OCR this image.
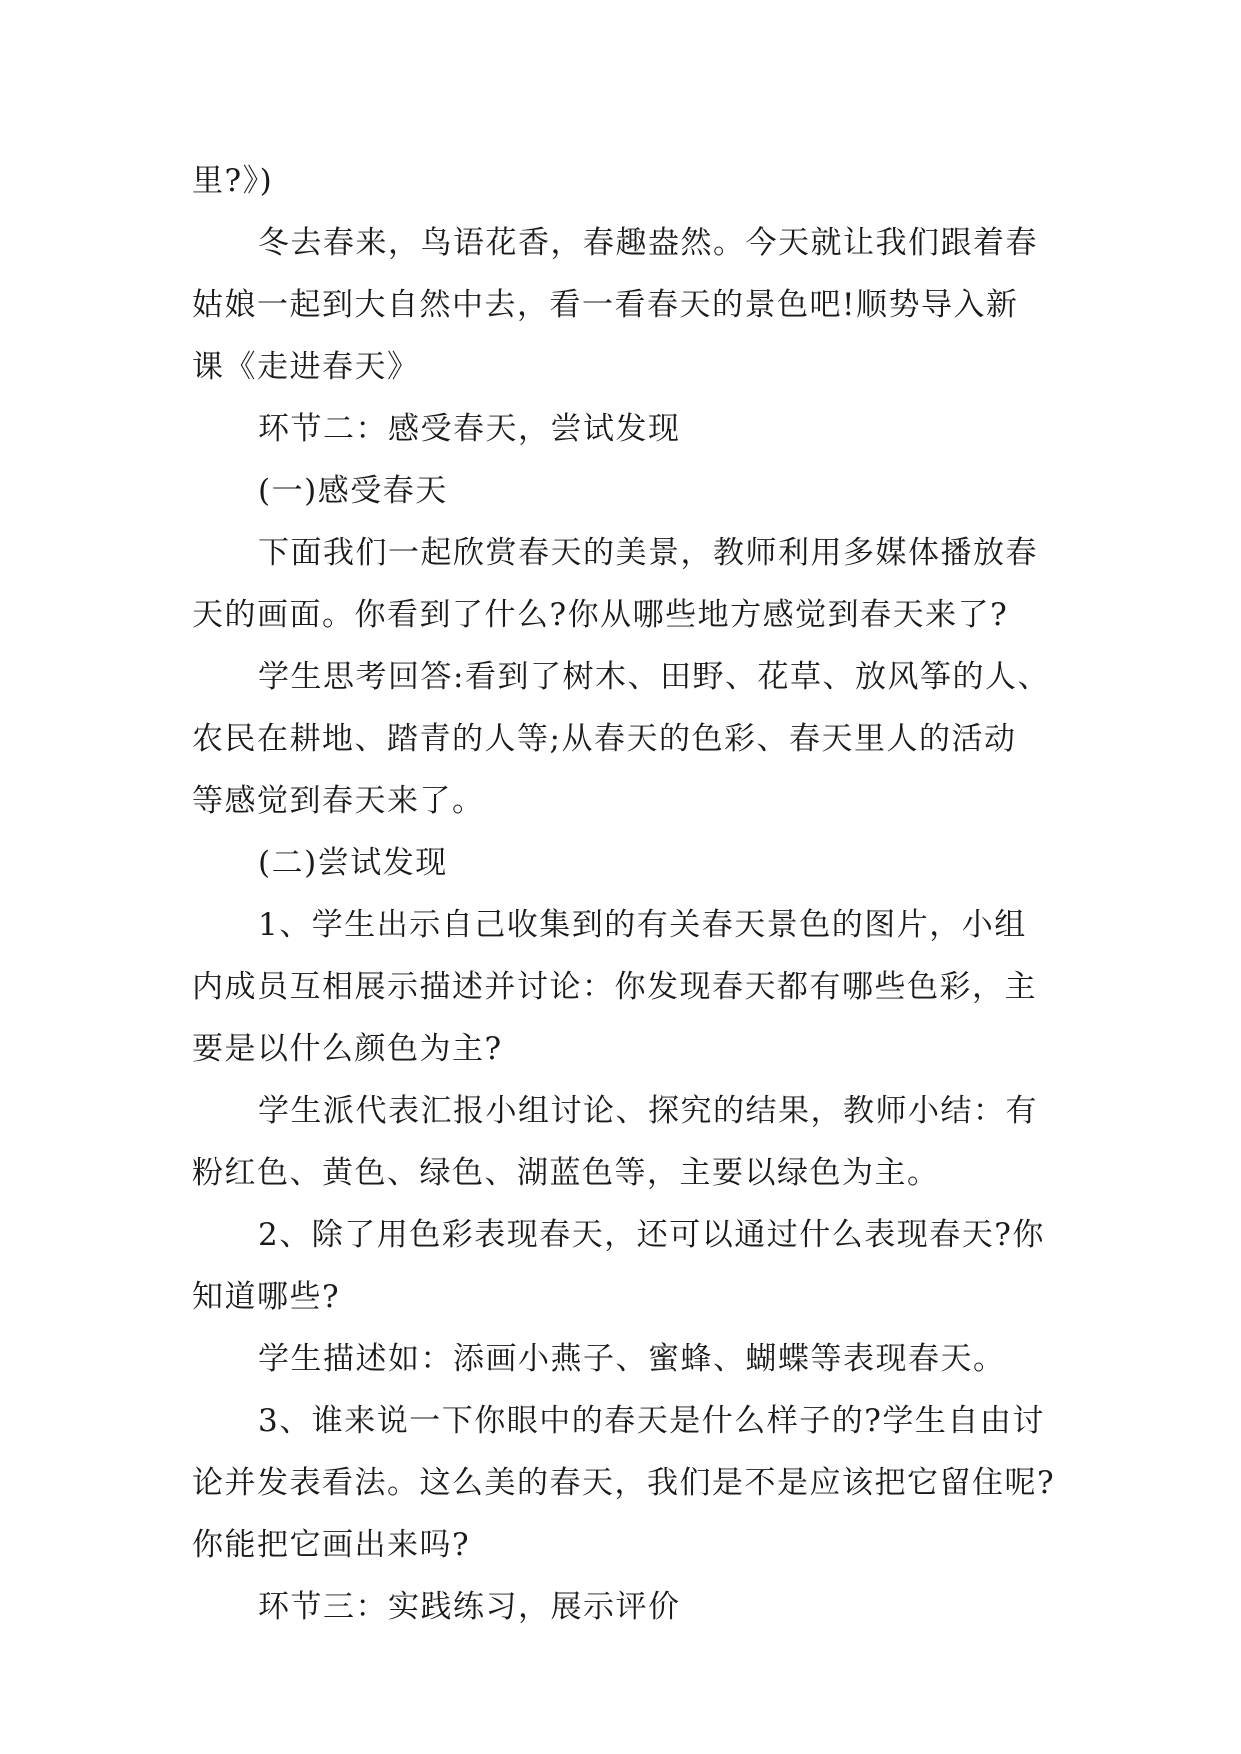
里?》)
冬去春来，鸟语花香，春趣盎然。今天就让我们跟着春
姑娘一起到大自然中去，看一看春天的景色吧!顺势导入新
课《走进春天》
环节二：感受春天，尝试发现
(一)感受春天
下面我们一起欣赏春天的美景，教师利用多媒体播放春
天的画面。你看到了什么?你从哪些地方感觉到春天来了?
学生思考回答:看到了树木、田野、花草、放风筝的人、
农民在耕地、踏青的人等;从春天的色彩、春天里人的活动
等感觉到春天来了。
(二)尝试发现
1、学生出示自己收集到的有关春天景色的图片，小组
内成员互相展示描述并讨论：你发现春天都有哪些色彩，主
要是以什么颜色为主?
学生派代表汇报小组讨论、探究的结果，教师小结：有
粉红色、黄色、绿色、湖蓝色等，主要以绿色为主。
2、除了用色彩表现春天，还可以通过什么表现春天?你
知道哪些?
学生描述如：添画小燕子、蜜蜂、蝴蝶等表现春天。
3、谁来说一下你眼中的春天是什么样子的?学生自由讨
论并发表看法。这么美的春天，我们是不是应该把它留住呢?
你能把它画出来吗?
环节三：实践练习，展示评价
